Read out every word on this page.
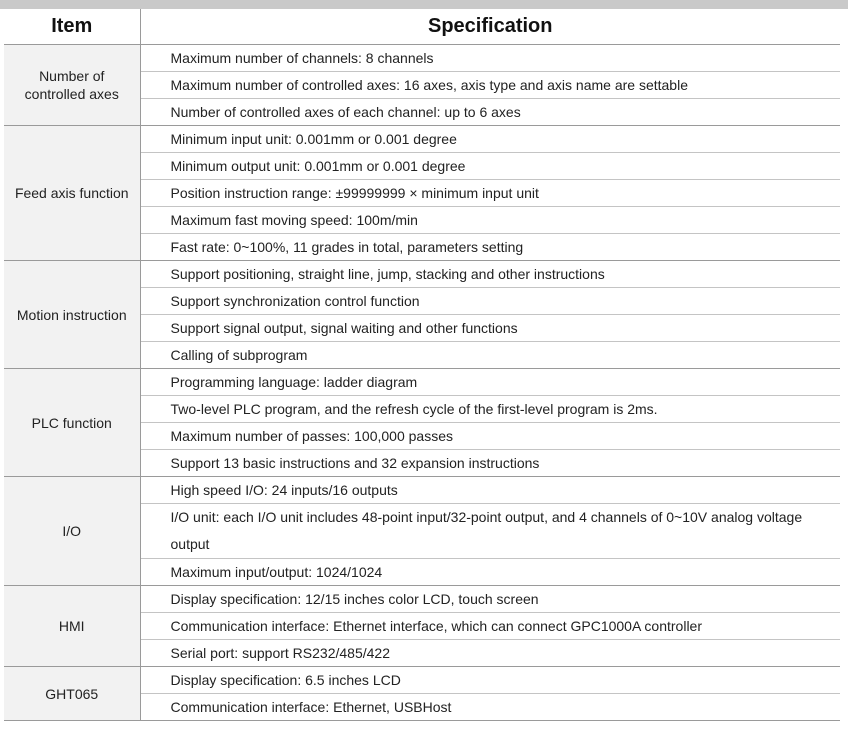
Item	Specification
Number of controlled axes	Maximum number of channels: 8 channels
	Maximum number of controlled axes: 16 axes, axis type and axis name are settable
	Number of controlled axes of each channel: up to 6 axes
Feed axis function	Minimum input unit: 0.001mm or 0.001 degree
	Minimum output unit: 0.001mm or 0.001 degree
	Position instruction range: ±99999999 × minimum input unit
	Maximum fast moving speed: 100m/min
	Fast rate: 0~100%, 11 grades in total, parameters setting
Motion instruction	Support positioning, straight line, jump, stacking and other instructions
	Support synchronization control function
	Support signal output, signal waiting and other functions
	Calling of subprogram
PLC function	Programming language: ladder diagram
	Two-level PLC program, and the refresh cycle of the first-level program is 2ms.
	Maximum number of passes: 100,000 passes
	Support 13 basic instructions and 32 expansion instructions
I/O	High speed I/O: 24 inputs/16 outputs
	I/O unit: each I/O unit includes 48-point input/32-point output, and 4 channels of 0~10V analog voltage output
	Maximum input/output: 1024/1024
HMI	Display specification: 12/15 inches color LCD, touch screen
	Communication interface: Ethernet interface, which can connect GPC1000A controller
	Serial port: support RS232/485/422
GHT065	Display specification: 6.5 inches LCD
	Communication interface: Ethernet, USBHost
